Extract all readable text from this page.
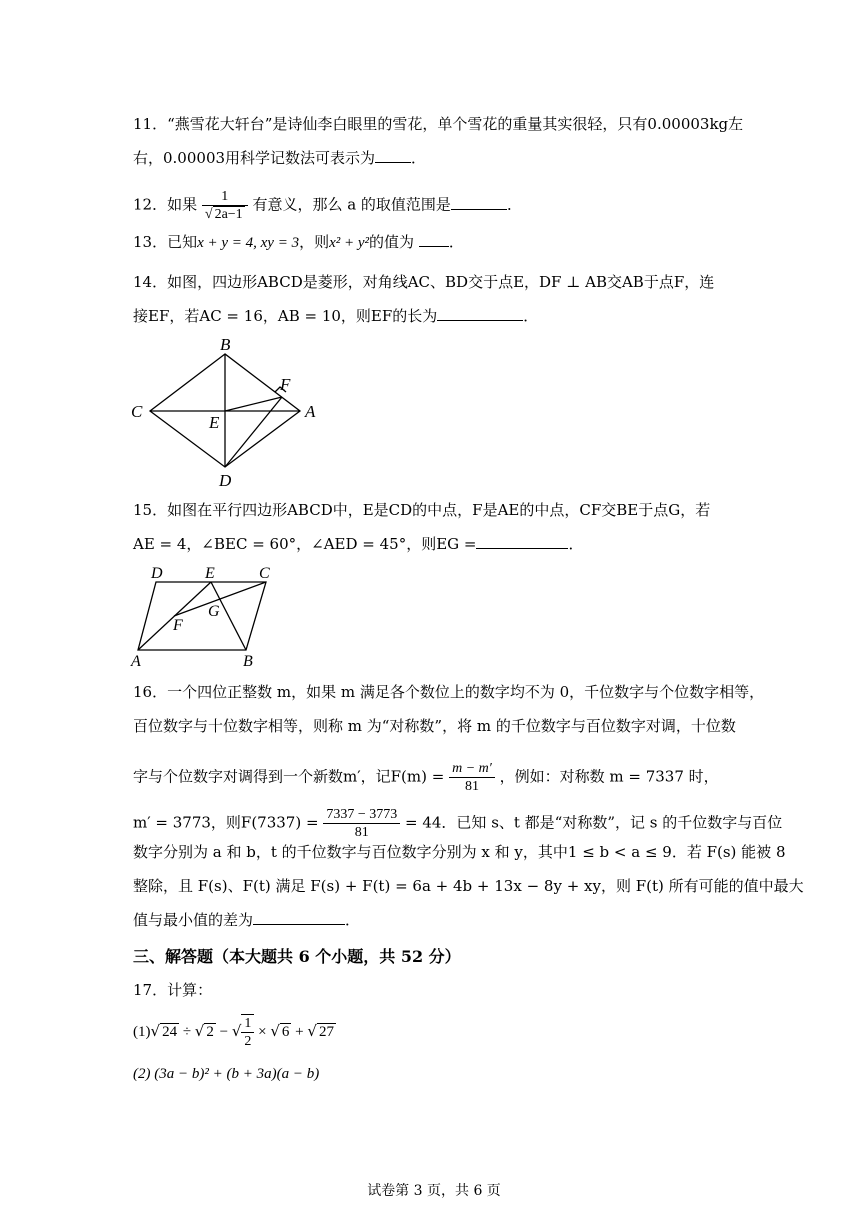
11．“燕雪花大轩台”是诗仙李白眼里的雪花，单个雪花的重量其实很轻，只有0.00003kg左
右，0.00003用科学记数法可表示为 ．
12．如果 $\frac{1}{√ 2a-1}$ 有意义，那么 a 的取值范围是	．
13．已知x + y = 4, xy = 3，则x² + y²的值为 ．
14．如图，四边形ABCD是菱形，对角线AC、BD交于点E，DF ⊥ AB交AB于点F，连
接EF，若AC = 16，AB = 10，则EF的长为	．
B
C	A
D
E
F
15．如图在平行四边形ABCD中，E是CD的中点，F是AE的中点，CF交BE于点G，若
AE = 4，∠BEC = 60°，∠AED = 45°，则EG =	．
D	E	C
F
G
A	B
16．一个四位正整数 m，如果 m 满足各个数位上的数字均不为 0，千位数字与个位数字相等，
百位数字与十位数字相等，则称 m 为“对称数”，将 m 的千位数字与百位数字对调，十位数
字与个位数字对调得到一个新数m′，记$F(m) = \frac{m - m'}{81}$ ，例如：对称数 m = 7337 时，
m′ = 3773，则$F(7337) = \frac{7337 - 3773}{81} = 44$．已知 s、t 都是“对称数”，记 s 的千位数字与百位
数字分别为 a 和 b，t 的千位数字与百位数字分别为 x 和 y，其中1 ≤ b < a ≤ 9．若 F(s) 能被 8
整除，且 F(s)、F(t) 满足 F(s) + F(t) = 6a + 4b + 13x − 8y + xy，则 F(t) 所有可能的值中最大
值与最小值的差为	．
三、解答题（本大题共 6 个小题，共 52 分）
17．计算：
(1)√ 24 ÷ √ 2 − √ $\frac{1}{2}$ × √ 6 + √ 27
(2) (3a − b)² + (b + 3a)(a − b)
试卷第 3 页，共 6 页
